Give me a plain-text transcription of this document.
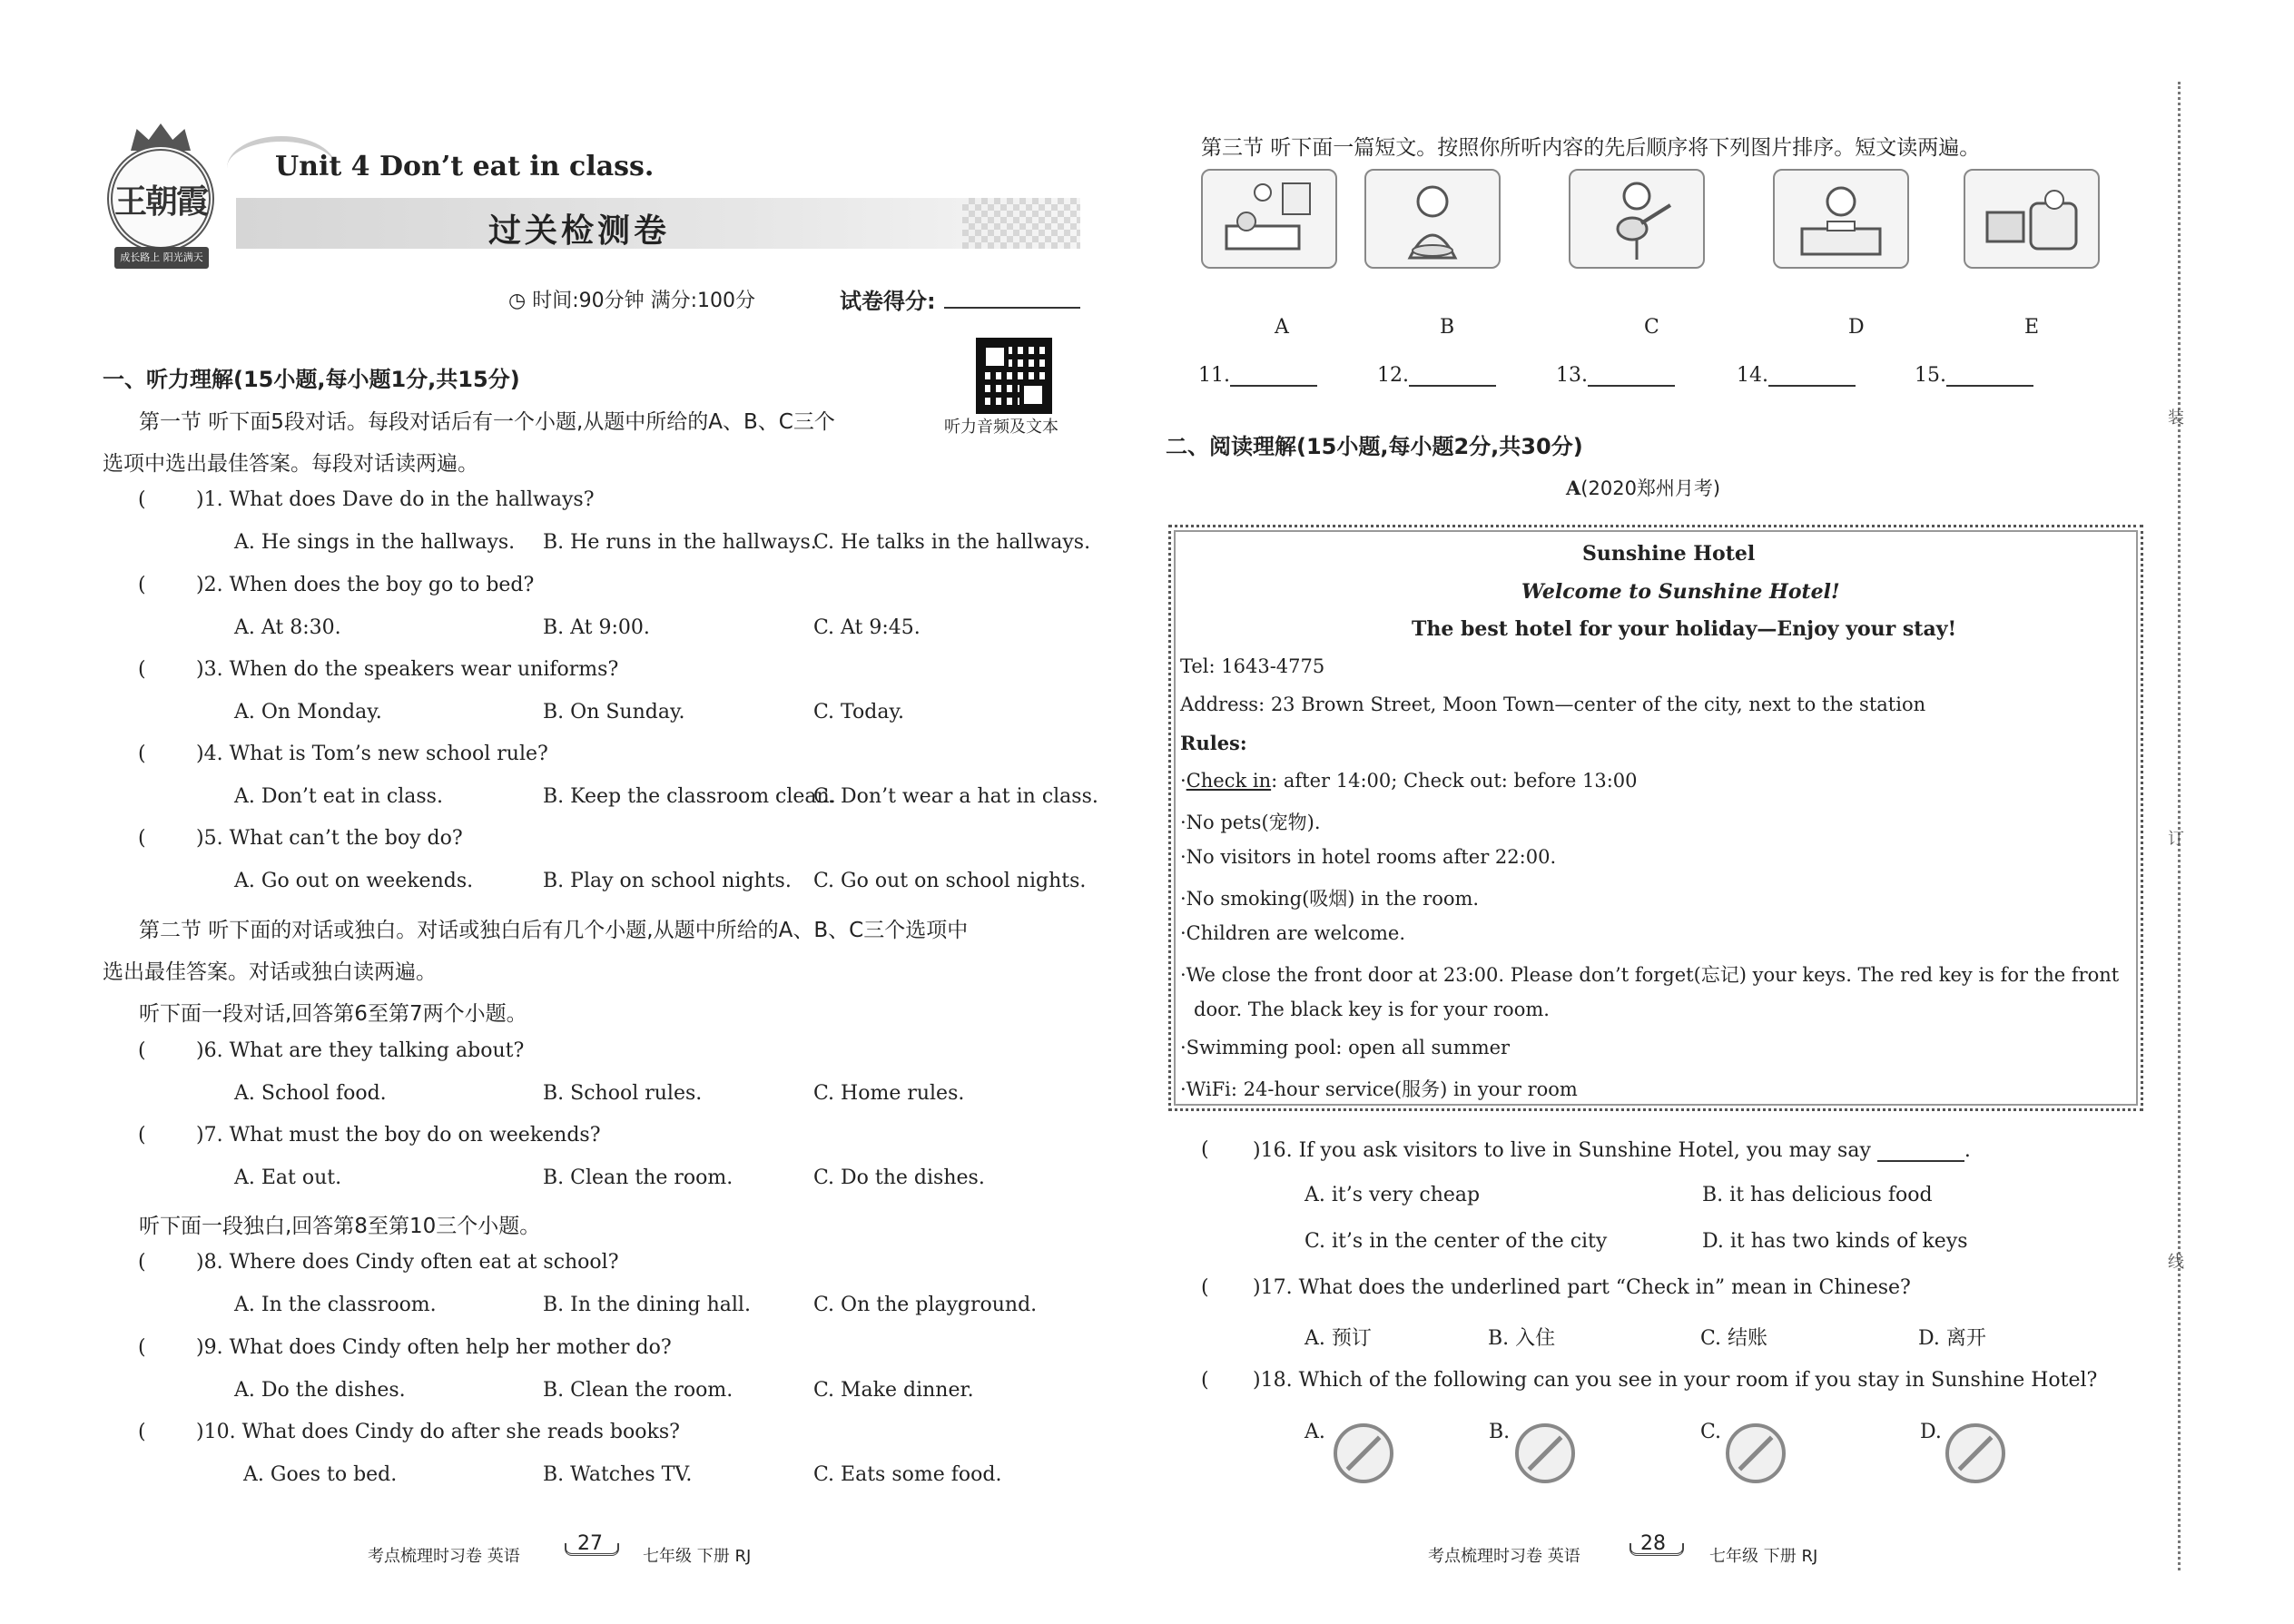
王朝霞
成长路上 阳光满天
Unit 4 Don’t eat in class.
过关检测卷
◷ 时间:90分钟 满分:100分	试卷得分:
听力音频及文本
一、听力理解(15小题,每小题1分,共15分)
第一节 听下面5段对话。每段对话后有一个小题,从题中所给的A、B、C三个
选项中选出最佳答案。每段对话读两遍。
(	)1. What does Dave do in the hallways?
A. He sings in the hallways. B. He runs in the hallways.
C. He talks in the hallways.
(	)2. When does the boy go to bed?
A. At 8:30.	B. At 9:00.	C. At 9:45.
(	)3. When do the speakers wear uniforms?
A. On Monday.	B. On Sunday.	C. Today.
(	)4. What is Tom’s new school rule?
A. Don’t eat in class.	B. Keep the classroom clean.
C. Don’t wear a hat in class.
(	)5. What can’t the boy do?
A. Go out on weekends.	B. Play on school nights. C. Go out on school nights.
第二节 听下面的对话或独白。对话或独白后有几个小题,从题中所给的A、B、C三个选项中
选出最佳答案。对话或独白读两遍。
听下面一段对话,回答第6至第7两个小题。
(	)6. What are they talking about?
A. School food.	B. School rules.	C. Home rules.
(	)7. What must the boy do on weekends?
A. Eat out.	B. Clean the room.	C. Do the dishes.
听下面一段独白,回答第8至第10三个小题。
(	)8. Where does Cindy often eat at school?
A. In the classroom.	B. In the dining hall.	C. On the playground.
(	)9. What does Cindy often help her mother do?
A. Do the dishes.	B. Clean the room.	C. Make dinner.
(	)10. What does Cindy do after she reads books?
A. Goes to bed.	B. Watches TV.	C. Eats some food.
考点梳理时习卷 英语
27
七年级 下册 RJ
第三节 听下面一篇短文。按照你所听内容的先后顺序将下列图片排序。短文读两遍。
A	B	C	D	E
11.	12.	13.	14.	15.
二、阅读理解(15小题,每小题2分,共30分)
A(2020郑州月考)
Sunshine Hotel
Welcome to Sunshine Hotel!
The best hotel for your holiday—Enjoy your stay!
Tel: 1643-4775
Address: 23 Brown Street, Moon Town—center of the city, next to the station
Rules:
·Check in: after 14:00; Check out: before 13:00
·No pets(宠物).
·No visitors in hotel rooms after 22:00.
·No smoking(吸烟) in the room.
·Children are welcome.
·We close the front door at 23:00. Please don’t forget(忘记) your keys. The red key is for the front
door. The black key is for your room.
·Swimming pool: open all summer
·WiFi: 24-hour service(服务) in your room
( )16. If you ask visitors to live in Sunshine Hotel, you may say	.
A. it’s very cheap	B. it has delicious food
C. it’s in the center of the city	D. it has two kinds of keys
( )17. What does the underlined part “Check in” mean in Chinese?
A. 预订	B. 入住	C. 结账	D. 离开
( )18. Which of the following can you see in your room if you stay in Sunshine Hotel?
A.	B.	C.	D.
考点梳理时习卷 英语
28
七年级 下册 RJ
装
订
线
